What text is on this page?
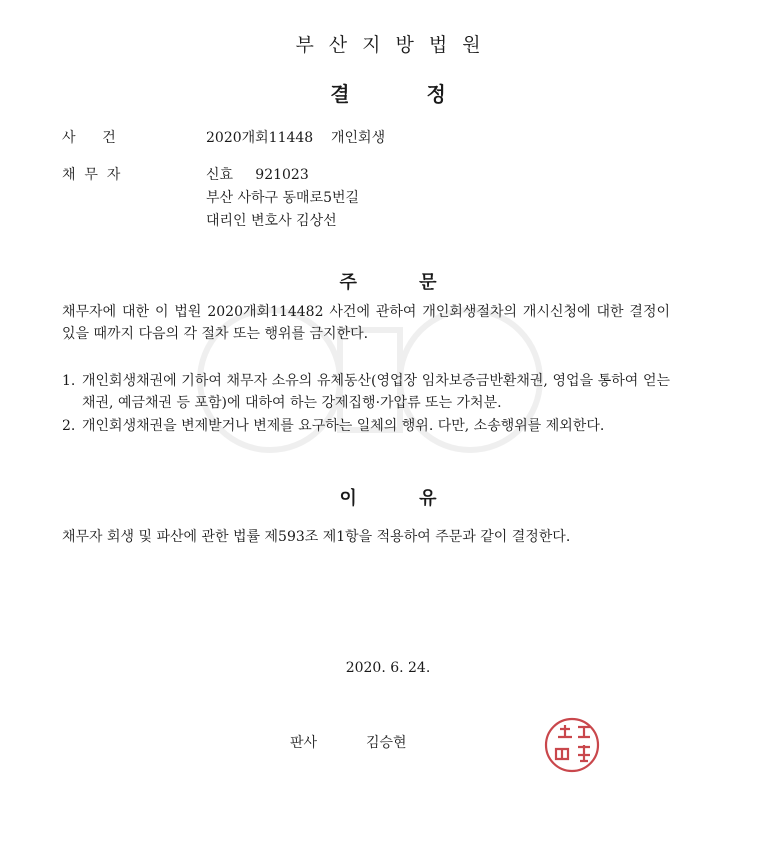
부산지방법원
결 정
사      건	2020개회11448    개인회생
채  무  자	신효     921023
부산 사하구 동매로5번길
대리인 변호사 김상선
주 문
채무자에 대한 이 법원 2020개회114482 사건에 관하여 개인회생절차의 개시신청에 대한 결정이 있을 때까지 다음의 각 절차 또는 행위를 금지한다.
1. 개인회생채권에 기하여 채무자 소유의 유체동산(영업장 임차보증금반환채권, 영업을 통하여 얻는 채권, 예금채권 등 포함)에 대하여 하는 강제집행·가압류 또는 가처분.
2. 개인회생채권을 변제받거나 변제를 요구하는 일체의 행위. 다만, 소송행위를 제외한다.
이 유
채무자 회생 및 파산에 관한 법률 제593조 제1항을 적용하여 주문과 같이 결정한다.
2020. 6. 24.
판사	김승현
